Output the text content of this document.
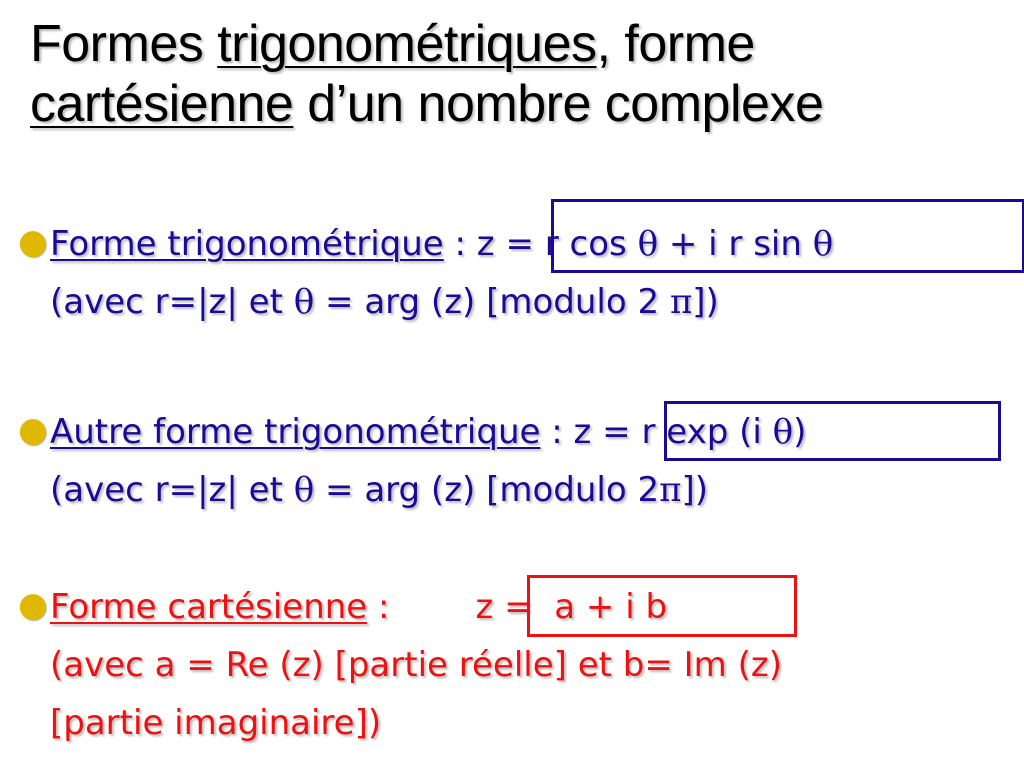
Formes trigonométriques, forme
cartésienne d’un nombre complexe
● Forme trigonométrique : z = r cos θ + i r sin θ
(avec r=|z| et θ = arg (z) [modulo 2 π])
● Autre forme trigonométrique : z = r exp (i θ)
(avec r=|z| et θ = arg (z) [modulo 2π])
● Forme cartésienne :	z =  a + i b
(avec a = Re (z) [partie réelle] et b= Im (z)
[partie imaginaire])
